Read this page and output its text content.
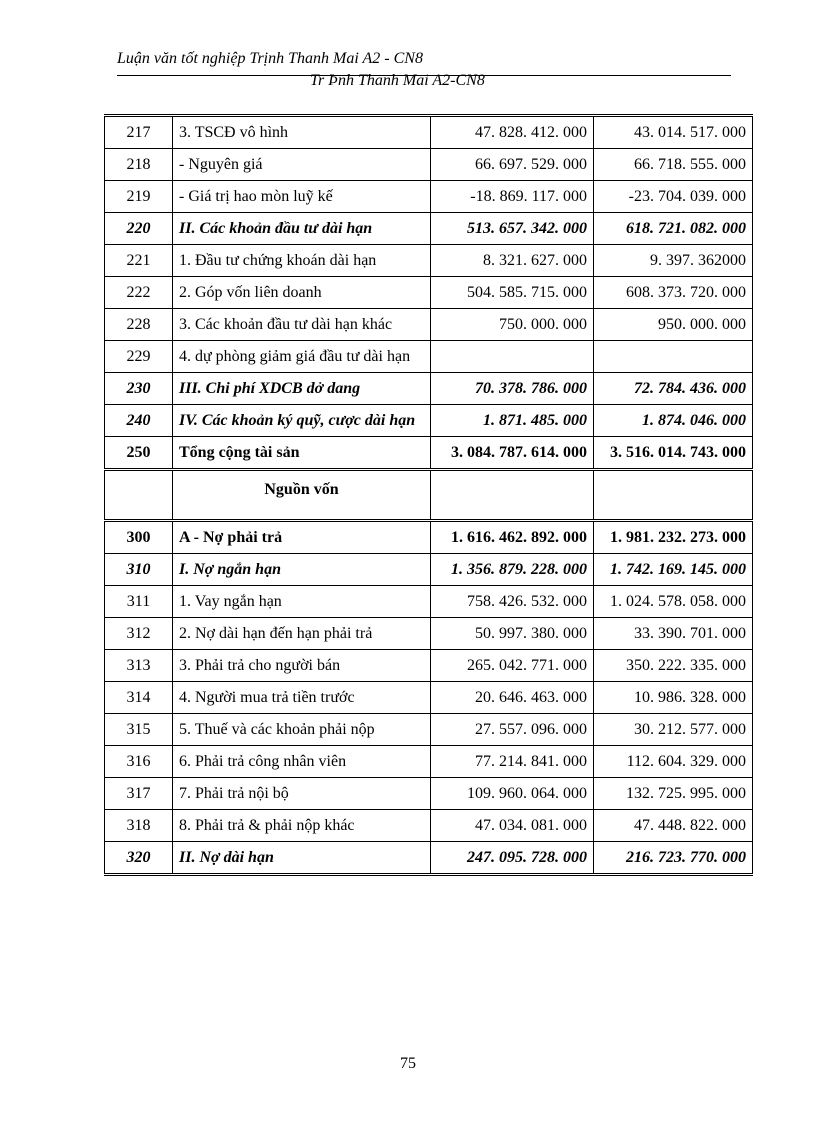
Luận văn tốt nghiệp Trịnh Thanh Mai A2 - CN8
Tr Þnh Thanh Mai A2-CN8
217	3. TSCĐ vô hình	47. 828. 412. 000	43. 014. 517. 000
218	- Nguyên giá	66. 697. 529. 000	66. 718. 555. 000
219	- Giá trị hao mòn luỹ kế	-18. 869. 117. 000	-23. 704. 039. 000
220	II. Các khoản đầu tư dài hạn	513. 657. 342. 000	618. 721. 082. 000
221	1. Đầu tư chứng khoán dài hạn	8. 321. 627. 000	9. 397. 362000
222	2. Góp vốn liên doanh	504. 585. 715. 000	608. 373. 720. 000
228	3. Các khoản đầu tư dài hạn khác	750. 000. 000	950. 000. 000
229	4. dự phòng giảm giá đầu tư dài hạn		
230	III. Chi phí XDCB dở dang	70. 378. 786. 000	72. 784. 436. 000
240	IV. Các khoản ký quỹ, cược dài hạn	1. 871. 485. 000	1. 874. 046. 000
250	Tổng cộng tài sản	3. 084. 787. 614. 000	3. 516. 014. 743. 000
	Nguồn vốn		
300	A - Nợ phải trả	1. 616. 462. 892. 000	1. 981. 232. 273. 000
310	I. Nợ ngắn hạn	1. 356. 879. 228. 000	1. 742. 169. 145. 000
311	1. Vay ngắn hạn	758. 426. 532. 000	1. 024. 578. 058. 000
312	2. Nợ dài hạn đến hạn phải trả	50. 997. 380. 000	33. 390. 701. 000
313	3. Phải trả cho người bán	265. 042. 771. 000	350. 222. 335. 000
314	4. Người mua trả tiền trước	20. 646. 463. 000	10. 986. 328. 000
315	5. Thuế và các khoản phải nộp	27. 557. 096. 000	30. 212. 577. 000
316	6. Phải trả công nhân viên	77. 214. 841. 000	112. 604. 329. 000
317	7. Phải trả nội bộ	109. 960. 064. 000	132. 725. 995. 000
318	8. Phải trả & phải nộp khác	47. 034. 081. 000	47. 448. 822. 000
320	II. Nợ dài hạn	247. 095. 728. 000	216. 723. 770. 000
75
